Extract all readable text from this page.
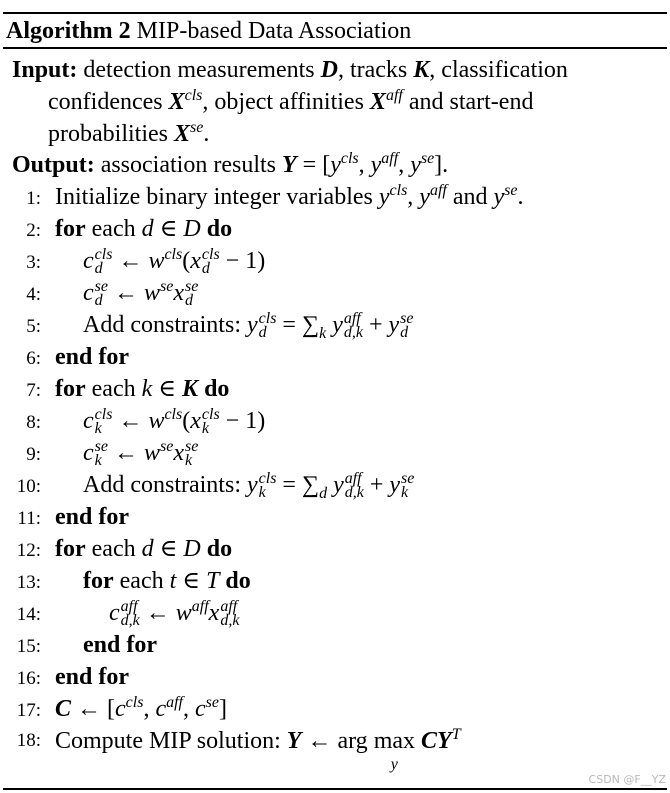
Algorithm 2 MIP-based Data Association
Input: detection measurements D, tracks K, classification
confidences $X^{cls}$, object affinities $X^{aff}$ and start-end
probabilities $X^{se}$.
Output: association results $Y = [y^{cls}$, $y^{aff}$, $y^{se}$].
1: Initialize binary integer variables $y^{cls}$, $y^{aff}$ and $y^{se}$.
2: for each d ∈ D do
3: c cls
d ← $w^{cls}(x$ cls
d − 1)
4: c se
d ← $w^{se}x$ se
d
5: Add constraints: y cls
$d = \sum_k$ y aff
d,k + y se
d
6: end for
7: for each k ∈ K do
8: c cls
k ← $w^{cls}(x$ cls
k − 1)
9: c se
k ← $w^{se}x$ se
k
10: Add constraints: y cls
$k = \sum_d$ y aff
d,k + y se
k
11: end for
12: for each d ∈ D do
13: for each t ∈ T do
14:	c aff
d,k ← $w^{aff}x$ aff
d,k
15: end for
16: end for
17: C ← [$c^{cls}$, $c^{aff}$, $c^{se}$]
18: Compute MIP solution: Y ← arg max
y
$CY^T$
CSDN @F__YZ
